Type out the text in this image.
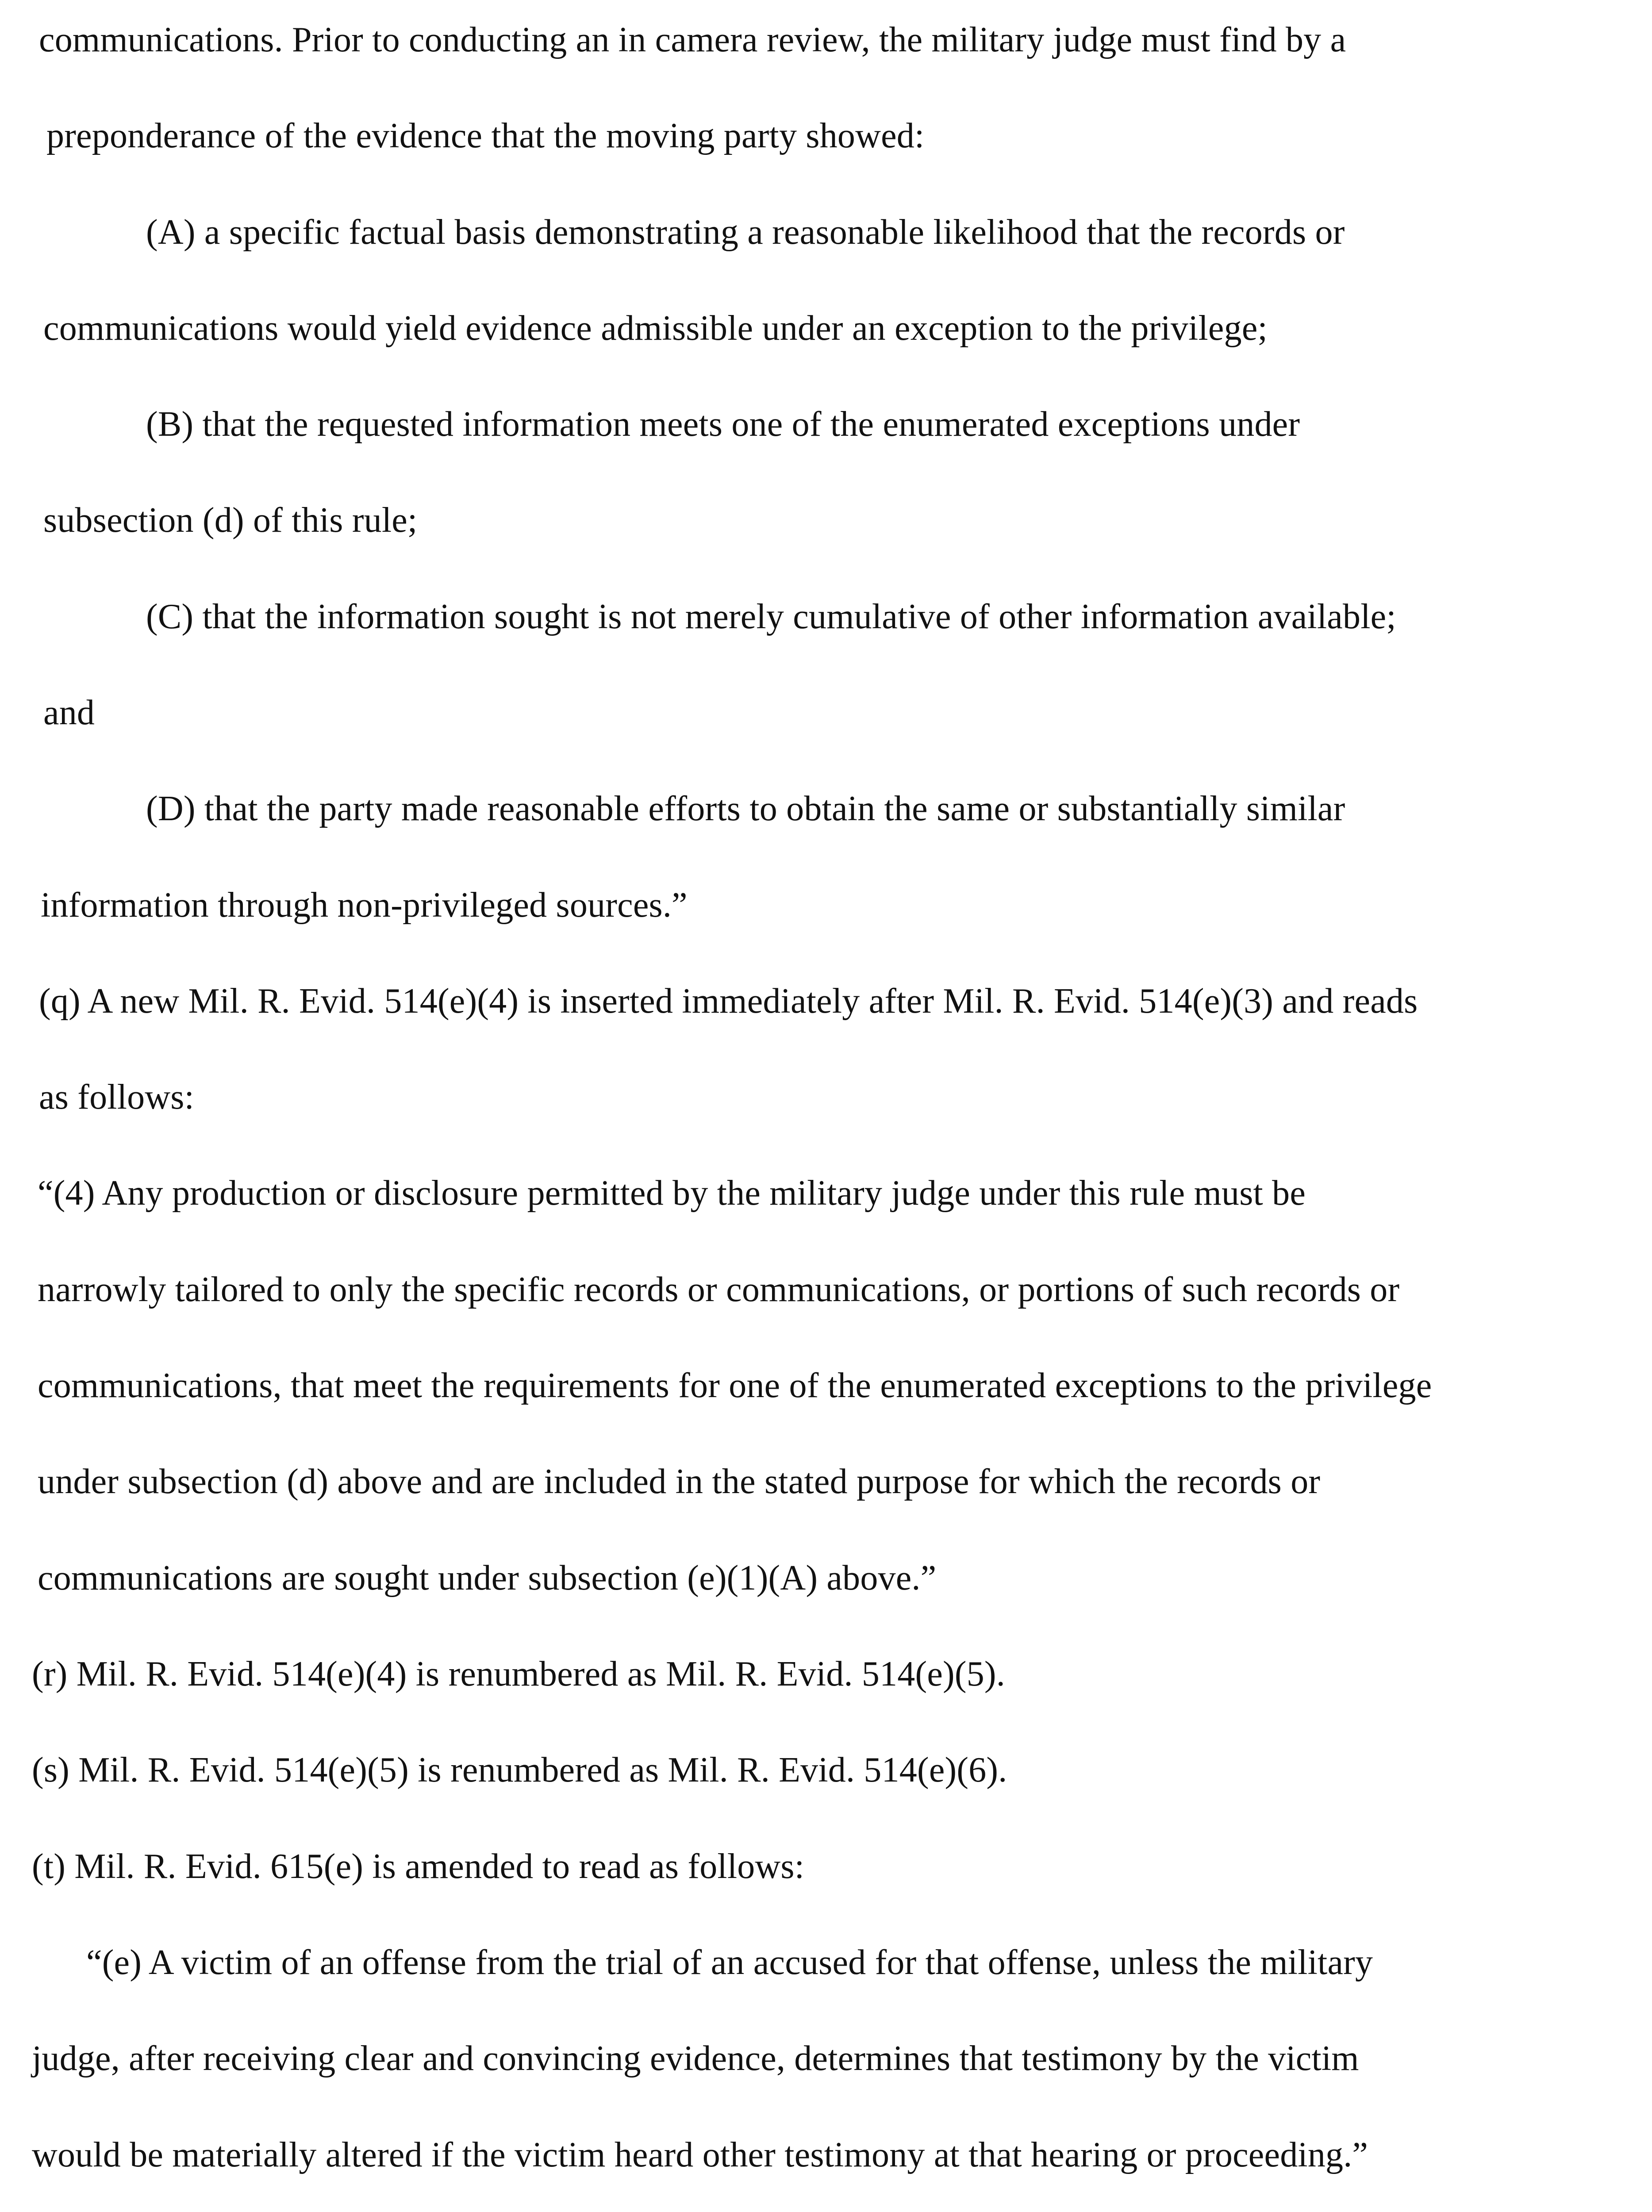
communications. Prior to conducting an in camera review, the military judge must find by a
preponderance of the evidence that the moving party showed:
(A) a specific factual basis demonstrating a reasonable likelihood that the records or
communications would yield evidence admissible under an exception to the privilege;
(B) that the requested information meets one of the enumerated exceptions under
subsection (d) of this rule;
(C) that the information sought is not merely cumulative of other information available;
and
(D) that the party made reasonable efforts to obtain the same or substantially similar
information through non-privileged sources.”
(q) A new Mil. R. Evid. 514(e)(4) is inserted immediately after Mil. R. Evid. 514(e)(3) and reads
as follows:
“(4) Any production or disclosure permitted by the military judge under this rule must be
narrowly tailored to only the specific records or communications, or portions of such records or
communications, that meet the requirements for one of the enumerated exceptions to the privilege
under subsection (d) above and are included in the stated purpose for which the records or
communications are sought under subsection (e)(1)(A) above.”
(r) Mil. R. Evid. 514(e)(4) is renumbered as Mil. R. Evid. 514(e)(5).
(s) Mil. R. Evid. 514(e)(5) is renumbered as Mil. R. Evid. 514(e)(6).
(t) Mil. R. Evid. 615(e) is amended to read as follows:
“(e) A victim of an offense from the trial of an accused for that offense, unless the military
judge, after receiving clear and convincing evidence, determines that testimony by the victim
would be materially altered if the victim heard other testimony at that hearing or proceeding.”
